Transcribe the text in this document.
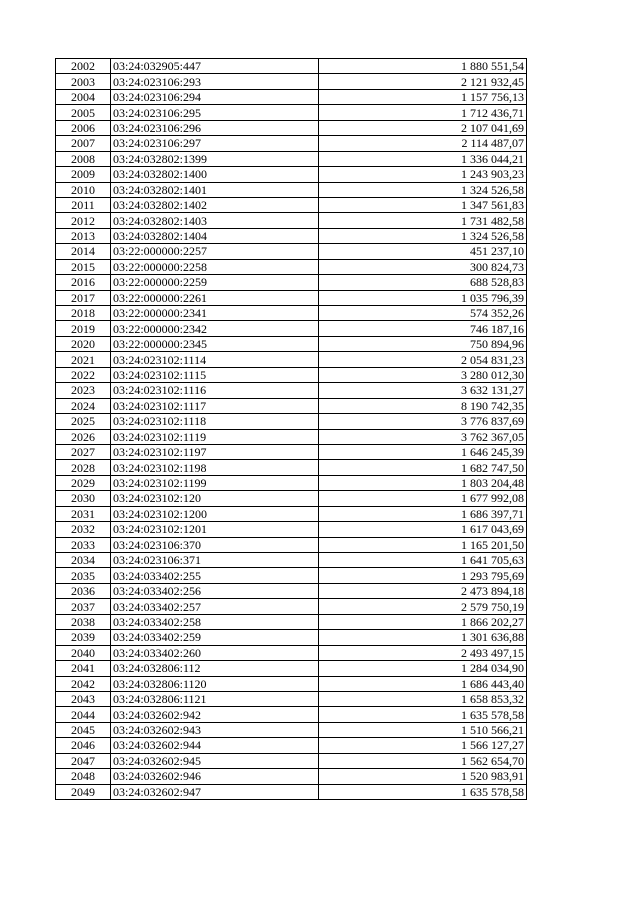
2002	03:24:032905:447	1 880 551,54
2003	03:24:023106:293	2 121 932,45
2004	03:24:023106:294	1 157 756,13
2005	03:24:023106:295	1 712 436,71
2006	03:24:023106:296	2 107 041,69
2007	03:24:023106:297	2 114 487,07
2008	03:24:032802:1399	1 336 044,21
2009	03:24:032802:1400	1 243 903,23
2010	03:24:032802:1401	1 324 526,58
2011	03:24:032802:1402	1 347 561,83
2012	03:24:032802:1403	1 731 482,58
2013	03:24:032802:1404	1 324 526,58
2014	03:22:000000:2257	451 237,10
2015	03:22:000000:2258	300 824,73
2016	03:22:000000:2259	688 528,83
2017	03:22:000000:2261	1 035 796,39
2018	03:22:000000:2341	574 352,26
2019	03:22:000000:2342	746 187,16
2020	03:22:000000:2345	750 894,96
2021	03:24:023102:1114	2 054 831,23
2022	03:24:023102:1115	3 280 012,30
2023	03:24:023102:1116	3 632 131,27
2024	03:24:023102:1117	8 190 742,35
2025	03:24:023102:1118	3 776 837,69
2026	03:24:023102:1119	3 762 367,05
2027	03:24:023102:1197	1 646 245,39
2028	03:24:023102:1198	1 682 747,50
2029	03:24:023102:1199	1 803 204,48
2030	03:24:023102:120	1 677 992,08
2031	03:24:023102:1200	1 686 397,71
2032	03:24:023102:1201	1 617 043,69
2033	03:24:023106:370	1 165 201,50
2034	03:24:023106:371	1 641 705,63
2035	03:24:033402:255	1 293 795,69
2036	03:24:033402:256	2 473 894,18
2037	03:24:033402:257	2 579 750,19
2038	03:24:033402:258	1 866 202,27
2039	03:24:033402:259	1 301 636,88
2040	03:24:033402:260	2 493 497,15
2041	03:24:032806:112	1 284 034,90
2042	03:24:032806:1120	1 686 443,40
2043	03:24:032806:1121	1 658 853,32
2044	03:24:032602:942	1 635 578,58
2045	03:24:032602:943	1 510 566,21
2046	03:24:032602:944	1 566 127,27
2047	03:24:032602:945	1 562 654,70
2048	03:24:032602:946	1 520 983,91
2049	03:24:032602:947	1 635 578,58
